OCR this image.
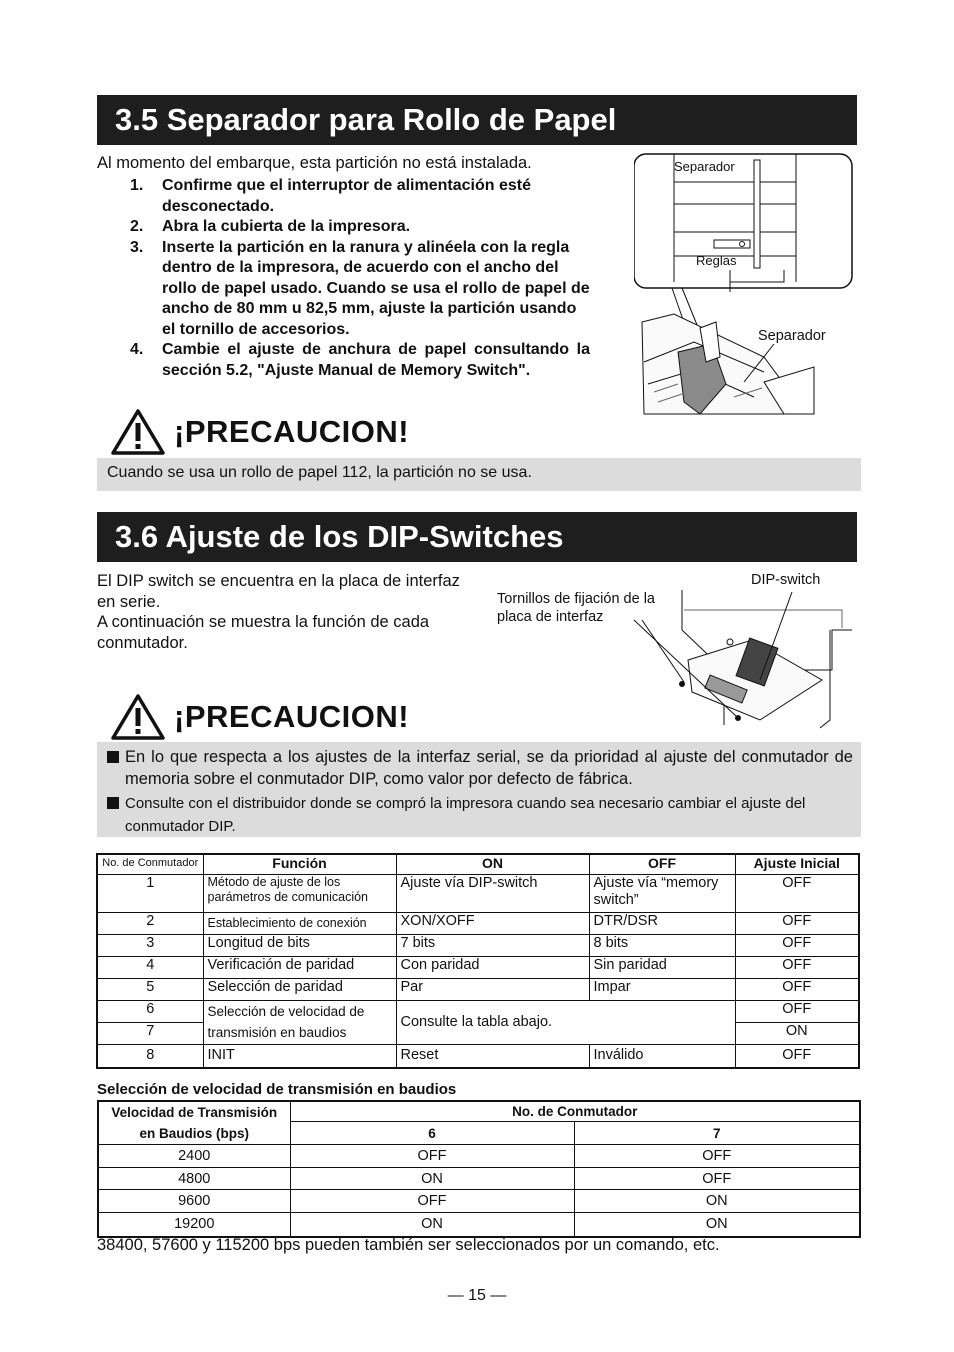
3.5 Separador para Rollo de Papel
Al momento del embarque, esta partición no está instalada.
1. Confirme que el interruptor de alimentación esté desconectado.
2. Abra la cubierta de la impresora.
3. Inserte la partición en la ranura y alinéela con la regla dentro de la impresora, de acuerdo con el ancho del rollo de papel usado. Cuando se usa el rollo de papel de ancho de 80 mm u 82,5 mm, ajuste la partición usando el tornillo de accesorios.
4. Cambie el ajuste de anchura de papel consultando la sección 5.2, "Ajuste Manual de Memory Switch".
Separador
Reglas
Separador
¡PRECAUCION!
Cuando se usa un rollo de papel 112, la partición no se usa.
3.6 Ajuste de los DIP-Switches
El DIP switch se encuentra en la placa de interfaz en serie.
A continuación se muestra la función de cada conmutador.
Tornillos de fijación de la placa de interfaz
DIP-switch
¡PRECAUCION!
En lo que respecta a los ajustes de la interfaz serial, se da prioridad al ajuste del conmutador de memoria sobre el conmutador DIP, como valor por defecto de fábrica.
Consulte con el distribuidor donde se compró la impresora cuando sea necesario cambiar el ajuste del conmutador DIP.
No. de Conmutador	Función	ON	OFF	Ajuste Inicial
1	Método de ajuste de los parámetros de comunicación	Ajuste vía DIP-switch	Ajuste vía “memory switch”	OFF
2	Establecimiento de conexión	XON/XOFF	DTR/DSR	OFF
3	Longitud de bits	7 bits	8 bits	OFF
4	Verificación de paridad	Con paridad	Sin paridad	OFF
5	Selección de paridad	Par	Impar	OFF
6	Selección de velocidad de transmisión en baudios	Consulte la tabla abajo.		OFF
7				ON
8	INIT	Reset	Inválido	OFF
Selección de velocidad de transmisión en baudios
Velocidad de Transmisión en Baudios (bps)	No. de Conmutador	
	6	7
2400	OFF	OFF
4800	ON	OFF
9600	OFF	ON
19200	ON	ON
38400, 57600 y 115200 bps pueden también ser seleccionados por un comando, etc.
— 15 —
